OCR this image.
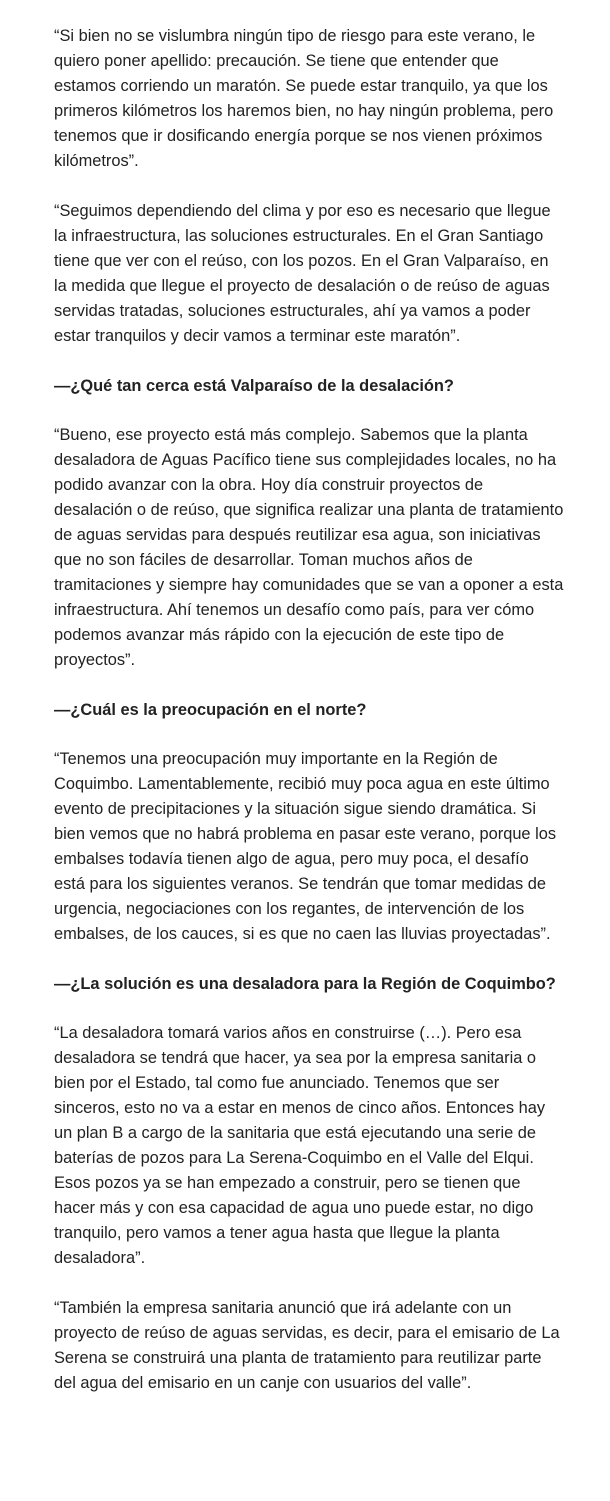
“Si bien no se vislumbra ningún tipo de riesgo para este verano, le quiero poner apellido: precaución. Se tiene que entender que estamos corriendo un maratón. Se puede estar tranquilo, ya que los primeros kilómetros los haremos bien, no hay ningún problema, pero tenemos que ir dosificando energía porque se nos vienen próximos kilómetros”.

“Seguimos dependiendo del clima y por eso es necesario que llegue la infraestructura, las soluciones estructurales. En el Gran Santiago tiene que ver con el reúso, con los pozos. En el Gran Valparaíso, en la medida que llegue el proyecto de desalación o de reúso de aguas servidas tratadas, soluciones estructurales, ahí ya vamos a poder estar tranquilos y decir vamos a terminar este maratón”.

—¿Qué tan cerca está Valparaíso de la desalación?

“Bueno, ese proyecto está más complejo. Sabemos que la planta desaladora de Aguas Pacífico tiene sus complejidades locales, no ha podido avanzar con la obra. Hoy día construir proyectos de desalación o de reúso, que significa realizar una planta de tratamiento de aguas servidas para después reutilizar esa agua, son iniciativas que no son fáciles de desarrollar. Toman muchos años de tramitaciones y siempre hay comunidades que se van a oponer a esta infraestructura. Ahí tenemos un desafío como país, para ver cómo podemos avanzar más rápido con la ejecución de este tipo de proyectos”.

—¿Cuál es la preocupación en el norte?

“Tenemos una preocupación muy importante en la Región de Coquimbo. Lamentablemente, recibió muy poca agua en este último evento de precipitaciones y la situación sigue siendo dramática. Si bien vemos que no habrá problema en pasar este verano, porque los embalses todavía tienen algo de agua, pero muy poca, el desafío está para los siguientes veranos. Se tendrán que tomar medidas de urgencia, negociaciones con los regantes, de intervención de los embalses, de los cauces, si es que no caen las lluvias proyectadas”.

—¿La solución es una desaladora para la Región de Coquimbo?

“La desaladora tomará varios años en construirse (…). Pero esa desaladora se tendrá que hacer, ya sea por la empresa sanitaria o bien por el Estado, tal como fue anunciado. Tenemos que ser sinceros, esto no va a estar en menos de cinco años. Entonces hay un plan B a cargo de la sanitaria que está ejecutando una serie de baterías de pozos para La Serena-Coquimbo en el Valle del Elqui. Esos pozos ya se han empezado a construir, pero se tienen que hacer más y con esa capacidad de agua uno puede estar, no digo tranquilo, pero vamos a tener agua hasta que llegue la planta desaladora”.

“También la empresa sanitaria anunció que irá adelante con un proyecto de reúso de aguas servidas, es decir, para el emisario de La Serena se construirá una planta de tratamiento para reutilizar parte del agua del emisario en un canje con usuarios del valle”.
